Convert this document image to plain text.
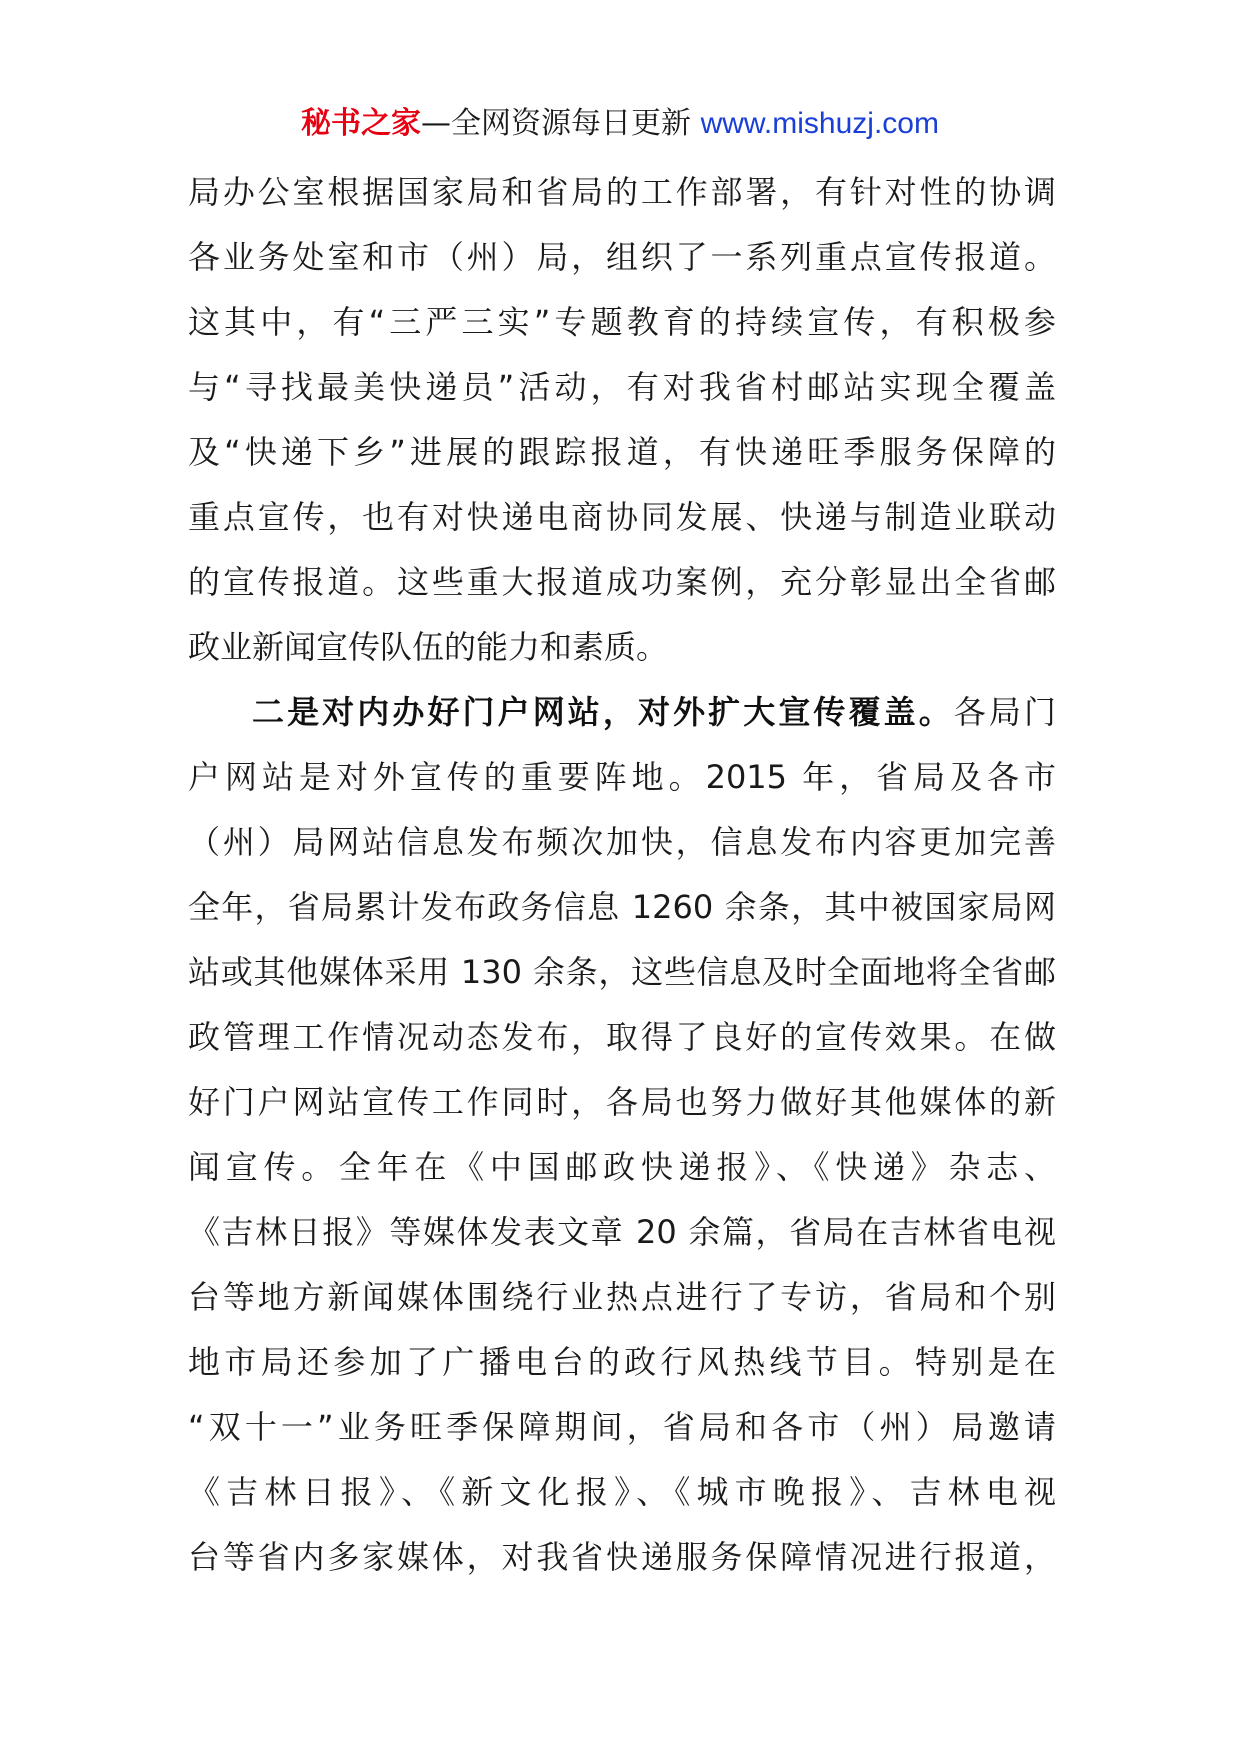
秘书之家—全网资源每日更新 www.mishuzj.com
局办公室根据国家局和省局的工作部署，有针对性的协调
各业务处室和市（州）局，组织了一系列重点宣传报道。
这其中，有“三严三实”专题教育的持续宣传，有积极参
与“寻找最美快递员”活动，有对我省村邮站实现全覆盖
及“快递下乡”进展的跟踪报道，有快递旺季服务保障的
重点宣传，也有对快递电商协同发展、快递与制造业联动
的宣传报道。这些重大报道成功案例，充分彰显出全省邮
政业新闻宣传队伍的能力和素质。
二是对内办好门户网站，对外扩大宣传覆盖。各局门
户网站是对外宣传的重要阵地。2015 年，省局及各市
（州）局网站信息发布频次加快，信息发布内容更加完善
全年，省局累计发布政务信息 1260 余条，其中被国家局网
站或其他媒体采用 130 余条，这些信息及时全面地将全省邮
政管理工作情况动态发布，取得了良好的宣传效果。在做
好门户网站宣传工作同时，各局也努力做好其他媒体的新
闻宣传。全年在《中国邮政快递报》、《快递》杂志、
《吉林日报》等媒体发表文章 20 余篇，省局在吉林省电视
台等地方新闻媒体围绕行业热点进行了专访，省局和个别
地市局还参加了广播电台的政行风热线节目。特别是在
“双十一”业务旺季保障期间，省局和各市（州）局邀请
《吉林日报》、《新文化报》、《城市晚报》、吉林电视
台等省内多家媒体，对我省快递服务保障情况进行报道，
